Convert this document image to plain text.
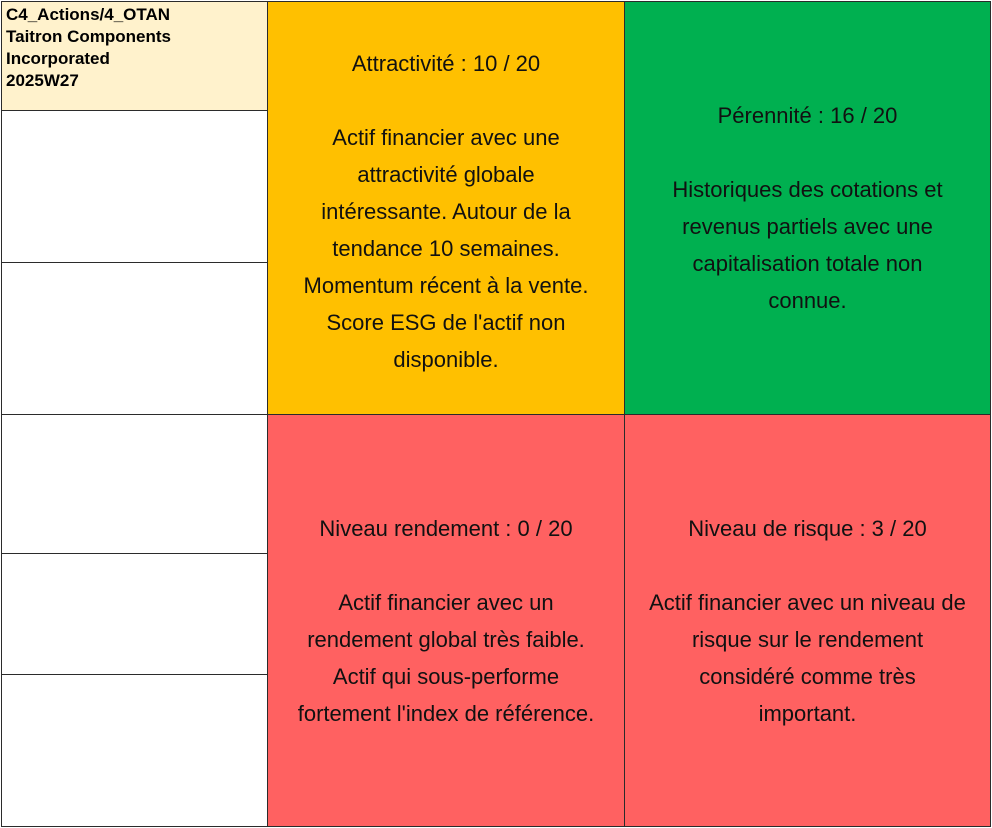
C4_Actions/4_OTAN
Taitron Components
Incorporated
2025W27
Attractivité : 10 / 20
Actif financier avec une
attractivité globale
intéressante. Autour de la
tendance 10 semaines.
Momentum récent à la vente.
Score ESG de l'actif non
disponible.
Pérennité : 16 / 20
Historiques des cotations et
revenus partiels avec une
capitalisation totale non
connue.
Niveau rendement : 0 / 20
Actif financier avec un
rendement global très faible.
Actif qui sous-performe
fortement l'index de référence.
Niveau de risque : 3 / 20
Actif financier avec un niveau de
risque sur le rendement
considéré comme très
important.
